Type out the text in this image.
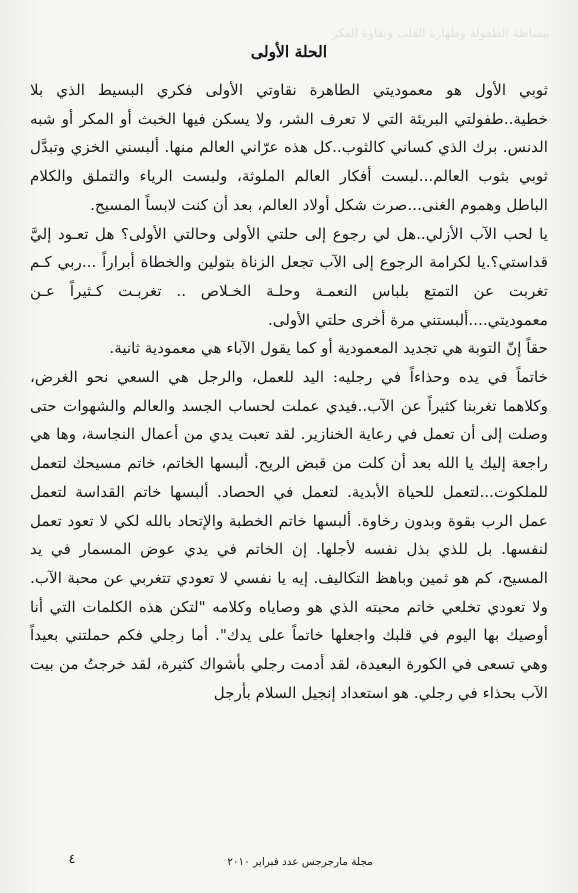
ببساطة الطفولة وطهارة القلب ونقاوة الفكر
الحلة الأولى

ثوبي الأول هو معموديتي الطاهرة نقاوتي الأولى فكري البسيط الذي بلا خطية..طفولتي البريئة التي لا تعرف الشر، ولا يسكن فيها الخبث أو المكر أو شبه الدنس. برك الذي كساني كالثوب..كل هذه عرّاني العالم منها. ألبسني الخزي وتبدَّل ثوبي بثوب العالم...لبست أفكار العالم الملوثة، ولبست الرياء والتملق والكلام الباطل وهموم الغنى...صرت شكل أولاد العالم، بعد أن كنت لابساً المسيح.

يا لحب الآب الأزلي..هل لي رجوع إلى حلتي الأولى وحالتي الأولى؟ هل تعـود إليَّ قداستي؟.يا لكرامة الرجوع إلى الآب تجعل الزناة بتولين والخطاة أبراراً ...ربي كـم تغربت عن التمتع بلباس النعمـة وحلـة الخـلاص .. تغربـت كـثيراً عـن معموديتي....ألبستني مرة أخرى حلتي الأولى.

حقاً إنّ التوبة هي تجديد المعمودية أو كما يقول الآباء هي معمودية ثانية.

خاتماً في يده وحذاءاً في رجليه: اليد للعمل، والرجل هي السعي نحو الغرض، وكلاهما تغربنا كثيراً عن الآب..فيدي عملت لحساب الجسد والعالم والشهوات حتى وصلت إلى أن تعمل في رعاية الخنازير. لقد تعبت يدي من أعمال النجاسة، وها هي راجعة إليك يا الله بعد أن كلت من قبض الريح. ألبسها الخاتم، خاتم مسيحك لتعمل للملكوت...لتعمل للحياة الأبدية. لتعمل في الحصاد. ألبسها خاتم القداسة لتعمل عمل الرب بقوة وبدون رخاوة. ألبسها خاتم الخطبة والإتحاد بالله لكي لا تعود تعمل لنفسها. بل للذي بذل نفسه لأجلها. إن الخاتم في يدي عوض المسمار في يد المسيح، كم هو ثمين وباهظ التكاليف. إيه يا نفسي لا تعودي تتغربي عن محبة الآب. ولا تعودي تخلعي خاتم محبته الذي هو وصاياه وكلامه "لتكن هذه الكلمات التي أنا أوصيك بها اليوم في قلبك واجعلها خاتماً على يدك". أما رجلي فكم حملتني بعيداً وهي تسعى في الكورة البعيدة، لقد أدمت رجلي بأشواك كثيرة، لقد خرجتُ من بيت الآب بحذاء في رجلي. هو استعداد إنجيل السلام بأرجل

مجلة مارجرجس عدد فبراير ٢٠١٠
٤
